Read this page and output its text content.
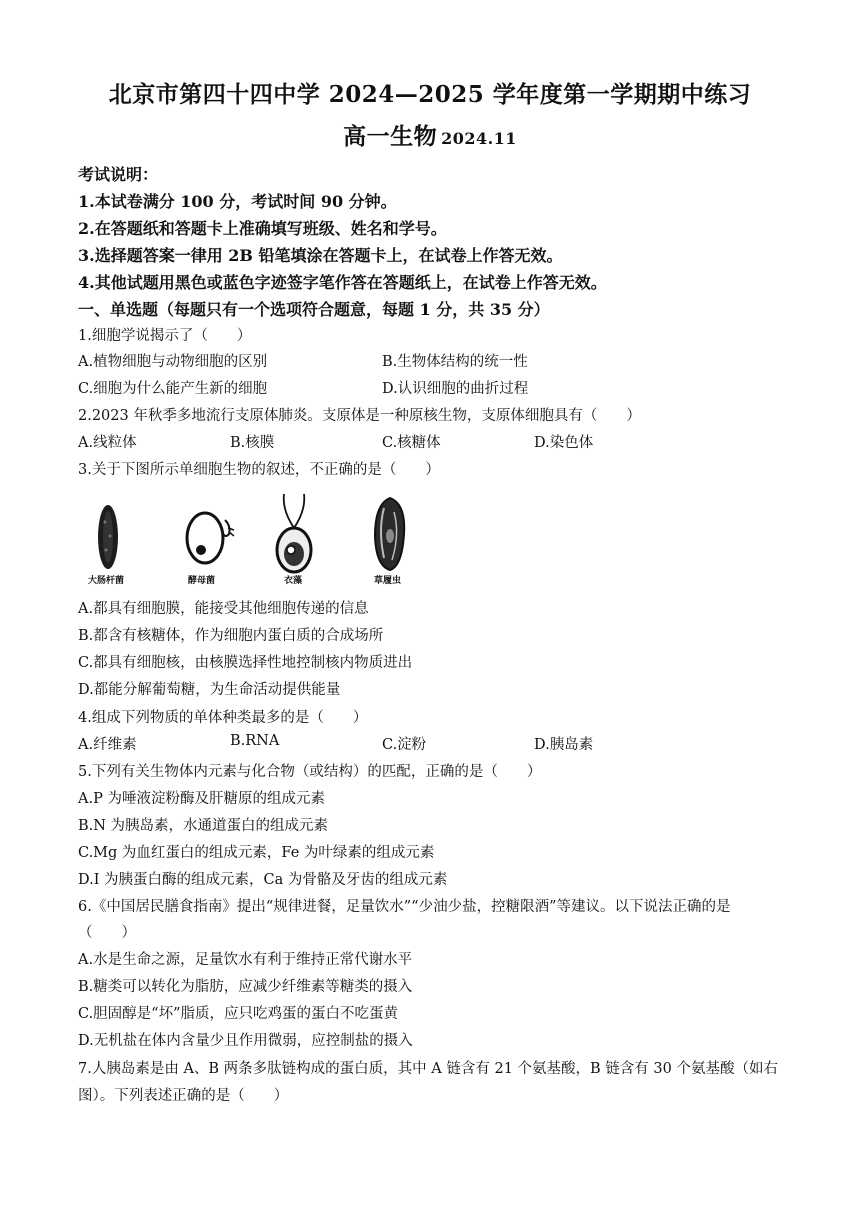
北京市第四十四中学 2024—2025 学年度第一学期期中练习
高一生物 2024.11
考试说明：
1.本试卷满分 100 分，考试时间 90 分钟。
2.在答题纸和答题卡上准确填写班级、姓名和学号。
3.选择题答案一律用 2B 铅笔填涂在答题卡上，在试卷上作答无效。
4.其他试题用黑色或蓝色字迹签字笔作答在答题纸上，在试卷上作答无效。
一、单选题（每题只有一个选项符合题意，每题 1 分，共 35 分）
1.细胞学说揭示了（　　）
A.植物细胞与动物细胞的区别	B.生物体结构的统一性
C.细胞为什么能产生新的细胞	D.认识细胞的曲折过程
2.2023 年秋季多地流行支原体肺炎。支原体是一种原核生物，支原体细胞具有（　　）
A.线粒体	B.核膜	C.核糖体	D.染色体
3.关于下图所示单细胞生物的叙述，不正确的是（　　）
大肠杆菌	酵母菌	衣藻	草履虫
A.都具有细胞膜，能接受其他细胞传递的信息
B.都含有核糖体，作为细胞内蛋白质的合成场所
C.都具有细胞核，由核膜选择性地控制核内物质进出
D.都能分解葡萄糖，为生命活动提供能量
4.组成下列物质的单体种类最多的是（　　）
A.纤维素	B.RNA	C.淀粉	D.胰岛素
5.下列有关生物体内元素与化合物（或结构）的匹配，正确的是（　　）
A.P 为唾液淀粉酶及肝糖原的组成元素
B.N 为胰岛素，水通道蛋白的组成元素
C.Mg 为血红蛋白的组成元素，Fe 为叶绿素的组成元素
D.I 为胰蛋白酶的组成元素，Ca 为骨骼及牙齿的组成元素
6.《中国居民膳食指南》提出“规律进餐，足量饮水”“少油少盐，控糖限酒”等建议。以下说法正确的是
（　　）
A.水是生命之源，足量饮水有利于维持正常代谢水平
B.糖类可以转化为脂肪，应减少纤维素等糖类的摄入
C.胆固醇是“坏”脂质，应只吃鸡蛋的蛋白不吃蛋黄
D.无机盐在体内含量少且作用微弱，应控制盐的摄入
7.人胰岛素是由 A、B 两条多肽链构成的蛋白质，其中 A 链含有 21 个氨基酸，B 链含有 30 个氨基酸（如右
图）。下列表述正确的是（　　）
